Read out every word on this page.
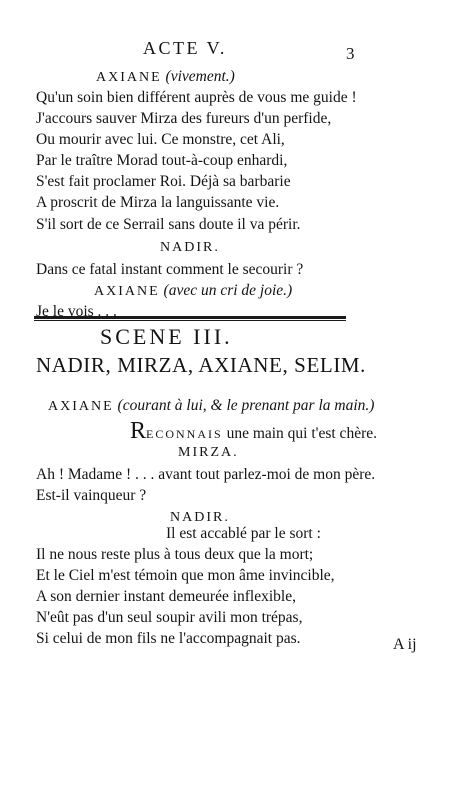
ACTE V.	3
AXIANE (vivement.)
Qu'un soin bien différent auprès de vous me guide !
J'accours sauver Mirza des fureurs d'un perfide,
Ou mourir avec lui. Ce monstre, cet Ali,
Par le traître Morad tout-à-coup enhardi,
S'est fait proclamer Roi. Déjà sa barbarie
A proscrit de Mirza la languissante vie.
S'il sort de ce Serrail sans doute il va périr.
NADIR.
Dans ce fatal instant comment le secourir ?
AXIANE (avec un cri de joie.)
Je le vois . . .
SCENE III.
NADIR, MIRZA, AXIANE, SELIM.
AXIANE (courant à lui, & le prenant par la main.)
RECONNAIS une main qui t'est chère.
MIRZA.
Ah ! Madame ! . . . avant tout parlez-moi de mon père.
Est-il vainqueur ?
NADIR.
Il est accablé par le sort :
Il ne nous reste plus à tous deux que la mort;
Et le Ciel m'est témoin que mon âme invincible,
A son dernier instant demeurée inflexible,
N'eût pas d'un seul soupir avili mon trépas,
Si celui de mon fils ne l'accompagnait pas.	A ij
